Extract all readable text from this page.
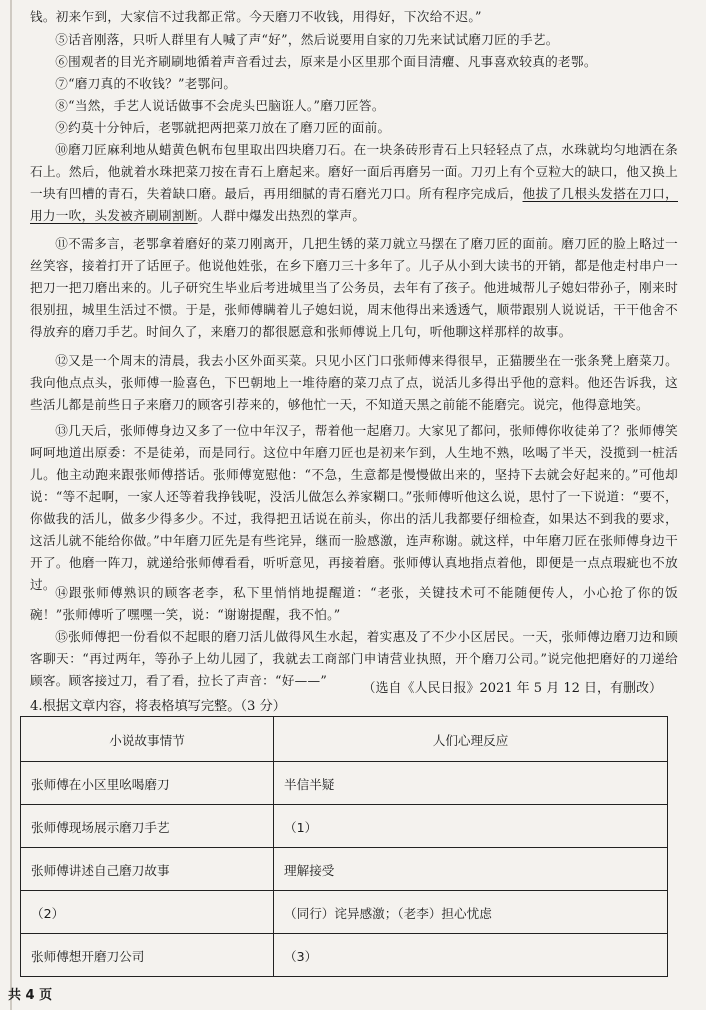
钱。初来乍到，大家信不过我都正常。今天磨刀不收钱，用得好，下次给不迟。”
⑤话音刚落，只听人群里有人喊了声“好”，然后说要用自家的刀先来试试磨刀匠的手艺。
⑥围观者的目光齐刷刷地循着声音看过去，原来是小区里那个面目清癯、凡事喜欢较真的老鄂。
⑦“磨刀真的不收钱？”老鄂问。
⑧“当然，手艺人说话做事不会虎头巴脑诳人。”磨刀匠答。
⑨约莫十分钟后，老鄂就把两把菜刀放在了磨刀匠的面前。
⑩磨刀匠麻利地从蜡黄色帆布包里取出四块磨刀石。在一块条砖形青石上只轻轻点了点，水珠就均匀地洒在条石上。然后，他就着水珠把菜刀按在青石上磨起来。磨好一面后再磨另一面。刀刃上有个豆粒大的缺口，他又换上一块有凹槽的青石，失着缺口磨。最后，再用细腻的青石磨光刀口。所有程序完成后，他拔了几根头发搭在刀口，用力一吹，头发被齐刷刷割断。人群中爆发出热烈的掌声。
⑪不需多言，老鄂拿着磨好的菜刀刚离开，几把生锈的菜刀就立马摆在了磨刀匠的面前。磨刀匠的脸上略过一丝笑容，接着打开了话匣子。他说他姓张，在乡下磨刀三十多年了。儿子从小到大读书的开销，都是他走村串户一把刀一把刀磨出来的。儿子研究生毕业后考进城里当了公务员，去年有了孩子。他进城帮儿子媳妇带孙子，刚来时很别扭，城里生活过不惯。于是，张师傅瞒着儿子媳妇说，周末他得出来透透气，顺带跟别人说说话，干干他舍不得放弃的磨刀手艺。时间久了，来磨刀的都很愿意和张师傅说上几句，听他聊这样那样的故事。
⑫又是一个周末的清晨，我去小区外面买菜。只见小区门口张师傅来得很早，正猫腰坐在一张条凳上磨菜刀。我向他点点头，张师傅一脸喜色，下巴朝地上一堆待磨的菜刀点了点，说活儿多得出乎他的意料。他还告诉我，这些活儿都是前些日子来磨刀的顾客引荐来的，够他忙一天，不知道天黑之前能不能磨完。说完，他得意地笑。
⑬几天后，张师傅身边又多了一位中年汉子，帮着他一起磨刀。大家见了都问，张师傅你收徒弟了？张师傅笑呵呵地道出原委：不是徒弟，而是同行。这位中年磨刀匠也是初来乍到，人生地不熟，吆喝了半天，没揽到一桩活儿。他主动跑来跟张师傅搭话。张师傅宽慰他：“不急，生意都是慢慢做出来的，坚持下去就会好起来的。”可他却说：“等不起啊，一家人还等着我挣钱呢，没活儿做怎么养家糊口。”张师傅听他这么说，思忖了一下说道：“要不，你做我的活儿，做多少得多少。不过，我得把丑话说在前头，你出的活儿我都要仔细检查，如果达不到我的要求，这活儿就不能给你做。”中年磨刀匠先是有些诧异，继而一脸感激，连声称谢。就这样，中年磨刀匠在张师傅身边干开了。他磨一阵刀，就递给张师傅看看，听听意见，再接着磨。张师傅认真地指点着他，即便是一点点瑕疵也不放过。
⑭跟张师傅熟识的顾客老李，私下里悄悄地提醒道：“老张，关键技术可不能随便传人，小心抢了你的饭碗！”张师傅听了嘿嘿一笑，说：“谢谢提醒，我不怕。”
⑮张师傅把一份看似不起眼的磨刀活儿做得风生水起，着实惠及了不少小区居民。一天，张师傅边磨刀边和顾客聊天：“再过两年，等孙子上幼儿园了，我就去工商部门申请营业执照，开个磨刀公司。”说完他把磨好的刀递给顾客。顾客接过刀，看了看，拉长了声音：“好——”
（选自《人民日报》2021 年 5 月 12 日，有删改）
4.根据文章内容，将表格填写完整。（3 分）
小说故事情节	人们心理反应
张师傅在小区里吆喝磨刀	半信半疑
张师傅现场展示磨刀手艺	（1）
张师傅讲述自己磨刀故事	理解接受
（2）	（同行）诧异感激；（老李）担心忧虑
张师傅想开磨刀公司	（3）
共 4 页
